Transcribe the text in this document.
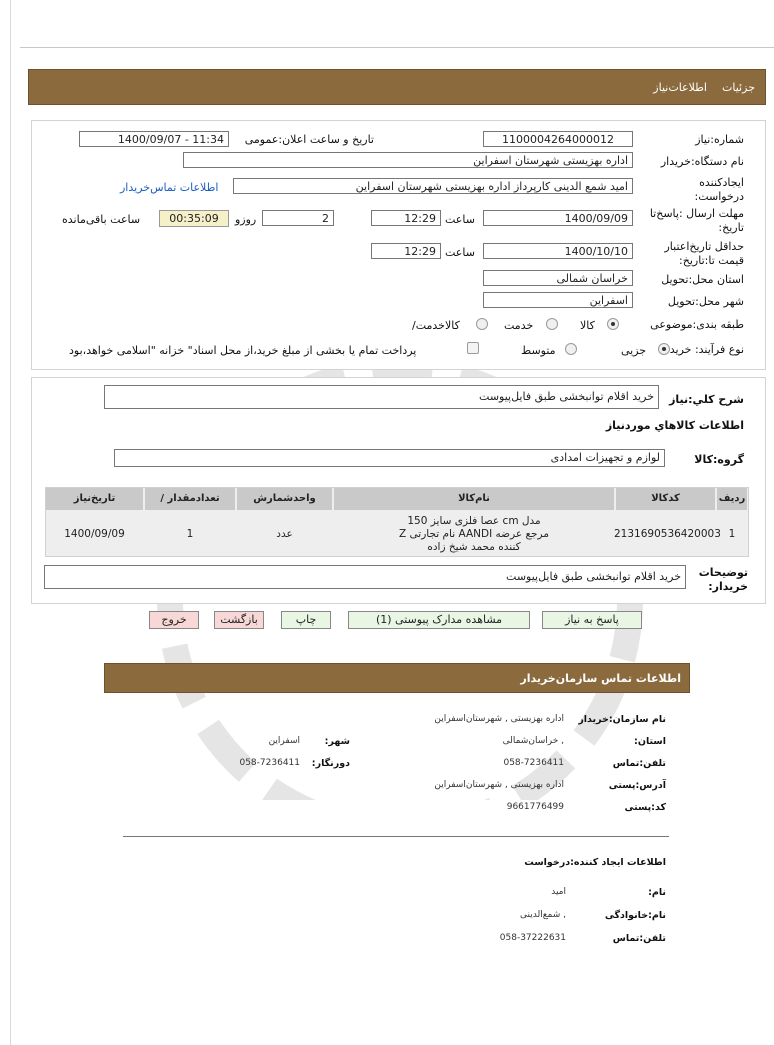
جزئیات
اطلاعات‌نیاز
شماره:نیاز
1100004264000012
تاریخ و ساعت اعلان:عمومی
1400/09/07 - 11:34
نام دستگاه:خریدار
اداره بهزیستی شهرستان اسفراین
ایجادکننده
:درخواست
امید شمع الدینی کارپرداز اداره بهزیستی شهرستان اسفراین
اطلاعات تماس‌خریدار
مهلت ارسال :پاسخ‌تا
:تاریخ
1400/09/09
ساعت
12:29
2
روزو
00:35:09
ساعت باقی‌مانده
حداقل تاریخ‌اعتبار
:قیمت تا:تاریخ
1400/10/10
ساعت
12:29
استان محل:تحویل
خراسان شمالی
شهر محل:تحویل
اسفراین
طبقه بندی:موضوعی
کالا
خدمت
/کالاخدمت
نوع فرآیند: خرید
جزیی
متوسط
پرداخت تمام یا بخشی از مبلغ خرید،از محل اسناد" خزانه "اسلامی خواهد،بود
شرح کلي:نیاز
خرید اقلام توانبخشی طبق فایل‌پیوست
اطلاعات کالاهاي موردنياز
گروه:کالا
لوازم و تجهیزات امدادی
ردیف
کدکالا
نام‌کالا
واحدشمارش
/ تعدادمقدار
تاریخ‌نیاز
1
2131690536420003
عصا فلزی سایز 150 cm مدل
Z نام تجارتی AANDI مرجع عرضه
کننده محمد شیخ زاده
عدد
1
1400/09/09
توضیحات
:خریدار
خرید اقلام توانبخشی طبق فایل‌پیوست
پاسخ به نیاز
مشاهده مدارک پیوستی (1)
چاپ
بازگشت
خروج
اطلاعات تماس سازمان‌خریدار
نام سازمان:خریدار
اداره بهزیستی , شهرستان‌اسفراین
:استان
خراسان‌شمالی ,
:شهر
اسفراین
تلفن:تماس
058-7236411
:دورنگار
058-7236411
آدرس:پستی
اداره بهزیستی , شهرستان‌اسفراین
کد:پستی
9661776499
اطلاعات ایجاد کننده:درخواست
:نام
امید
نام:خانوادگی
شمع‌الدینی ,
تلفن:تماس
058-37222631
